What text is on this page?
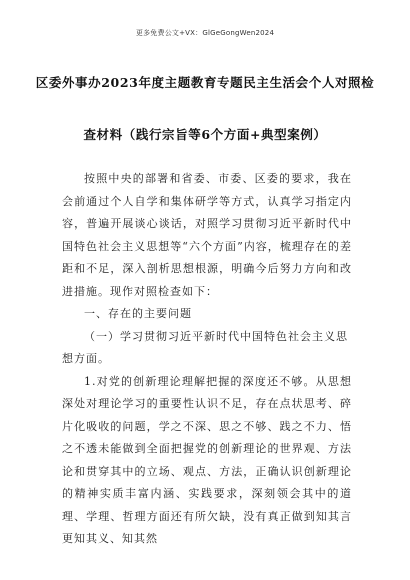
更多免费公文+VX：GlGeGongWen2024
区委外事办2023年度主题教育专题民主生活会个人对照检
查材料（践行宗旨等6个方面+典型案例）

按照中央的部署和省委、市委、区委的要求，我在会前通过个人自学和集体研学等方式，认真学习指定内容，普遍开展谈心谈话，对照学习贯彻习近平新时代中国特色社会主义思想等“六个方面”内容，梳理存在的差距和不足，深入剖析思想根源，明确今后努力方向和改进措施。现作对照检查如下：

一、存在的主要问题

（一）学习贯彻习近平新时代中国特色社会主义思想方面。

1.对党的创新理论理解把握的深度还不够。从思想深处对理论学习的重要性认识不足，存在点状思考、碎片化吸收的问题，学之不深、思之不够、践之不力、悟之不透未能做到全面把握党的创新理论的世界观、方法论和贯穿其中的立场、观点、方法，正确认识创新理论的精神实质丰富内涵、实践要求，深刻领会其中的道理、学理、哲理方面还有所欠缺，没有真正做到知其言更知其义、知其然
